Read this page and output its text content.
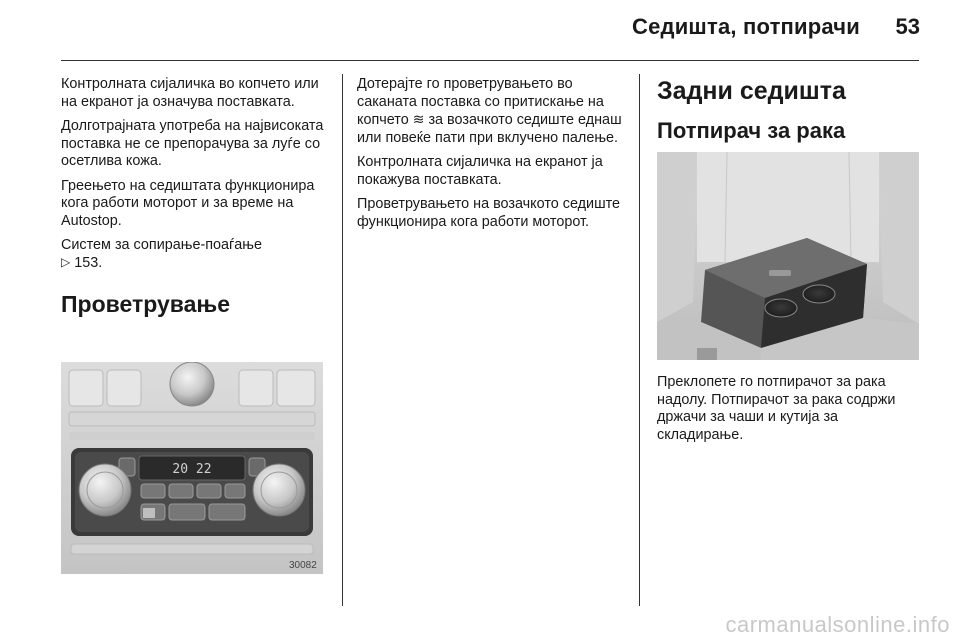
Седишта, потпирачи	53

Контролната сијаличка во копчето или на екранот ја означува поставката.

Долготрајната употреба на највисоката поставка не се препорачува за луѓе со осетлива кожа.

Греењето на седиштата функционира кога работи моторот и за време на Autostop.

Систем за сопирање-поаѓање
▷ 153.

Проветрување
20 22
30082

Дотерајте го проветрувањето во саканата поставка со притискање на копчето ≋ за возачкото седиште еднаш или повеќе пати при вклучено палење.

Контролната сијаличка на екранот ја покажува поставката.

Проветрувањето на возачкото седиште функционира кога работи моторот.

Задни седишта
Потпирач за рака

Преклопете го потпирачот за рака надолу. Потпирачот за рака содржи држачи за чаши и кутија за складирање.

carmanualsonline.info
